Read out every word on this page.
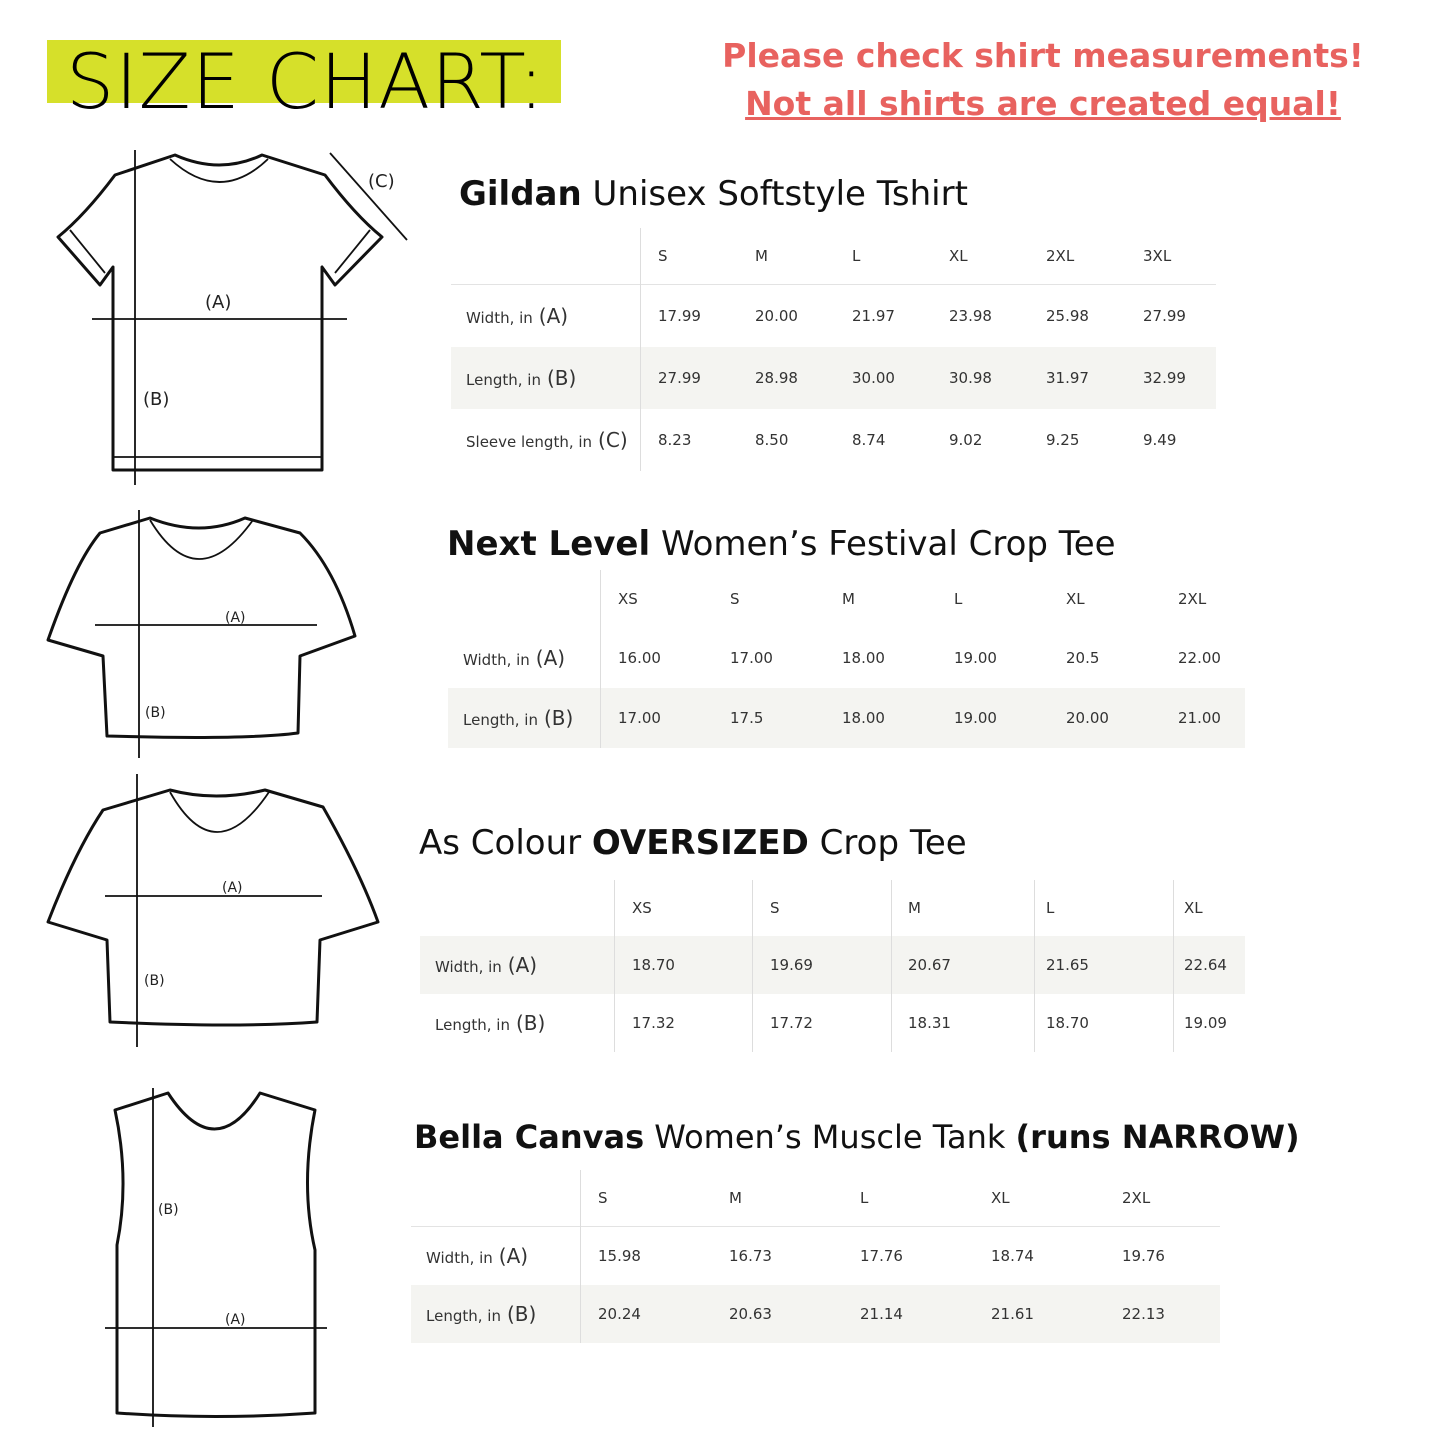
SIZE CHART:	Please check shirt measurements!
Not all shirts are created equal!
(A)
(B)
(C)
(A)
(B)
(A)
(B)
(A)
(B)
Gildan Unisex Softstyle Tshirt
Next Level Women’s Festival Crop Tee
As Colour OVERSIZED Crop Tee
Bella Canvas Women’s Muscle Tank (runs NARROW)
S	M	L	XL	2XL	3XL
Width, in (A)	17.99	20.00	21.97	23.98	25.98	27.99
Length, in (B)	27.99	28.98	30.00	30.98	31.97	32.99
Sleeve length, in (C)	8.23	8.50	8.74	9.02	9.25	9.49
XS	S	M	L	XL	2XL
Width, in (A)	16.00	17.00	18.00	19.00	20.5	22.00
Length, in (B)	17.00	17.5	18.00	19.00	20.00	21.00
XS	S	M	L	XL
Width, in (A)	18.70	19.69	20.67	21.65	22.64
Length, in (B)	17.32	17.72	18.31	18.70	19.09
S	M	L	XL	2XL
Width, in (A)	15.98	16.73	17.76	18.74	19.76
Length, in (B)	20.24	20.63	21.14	21.61	22.13
